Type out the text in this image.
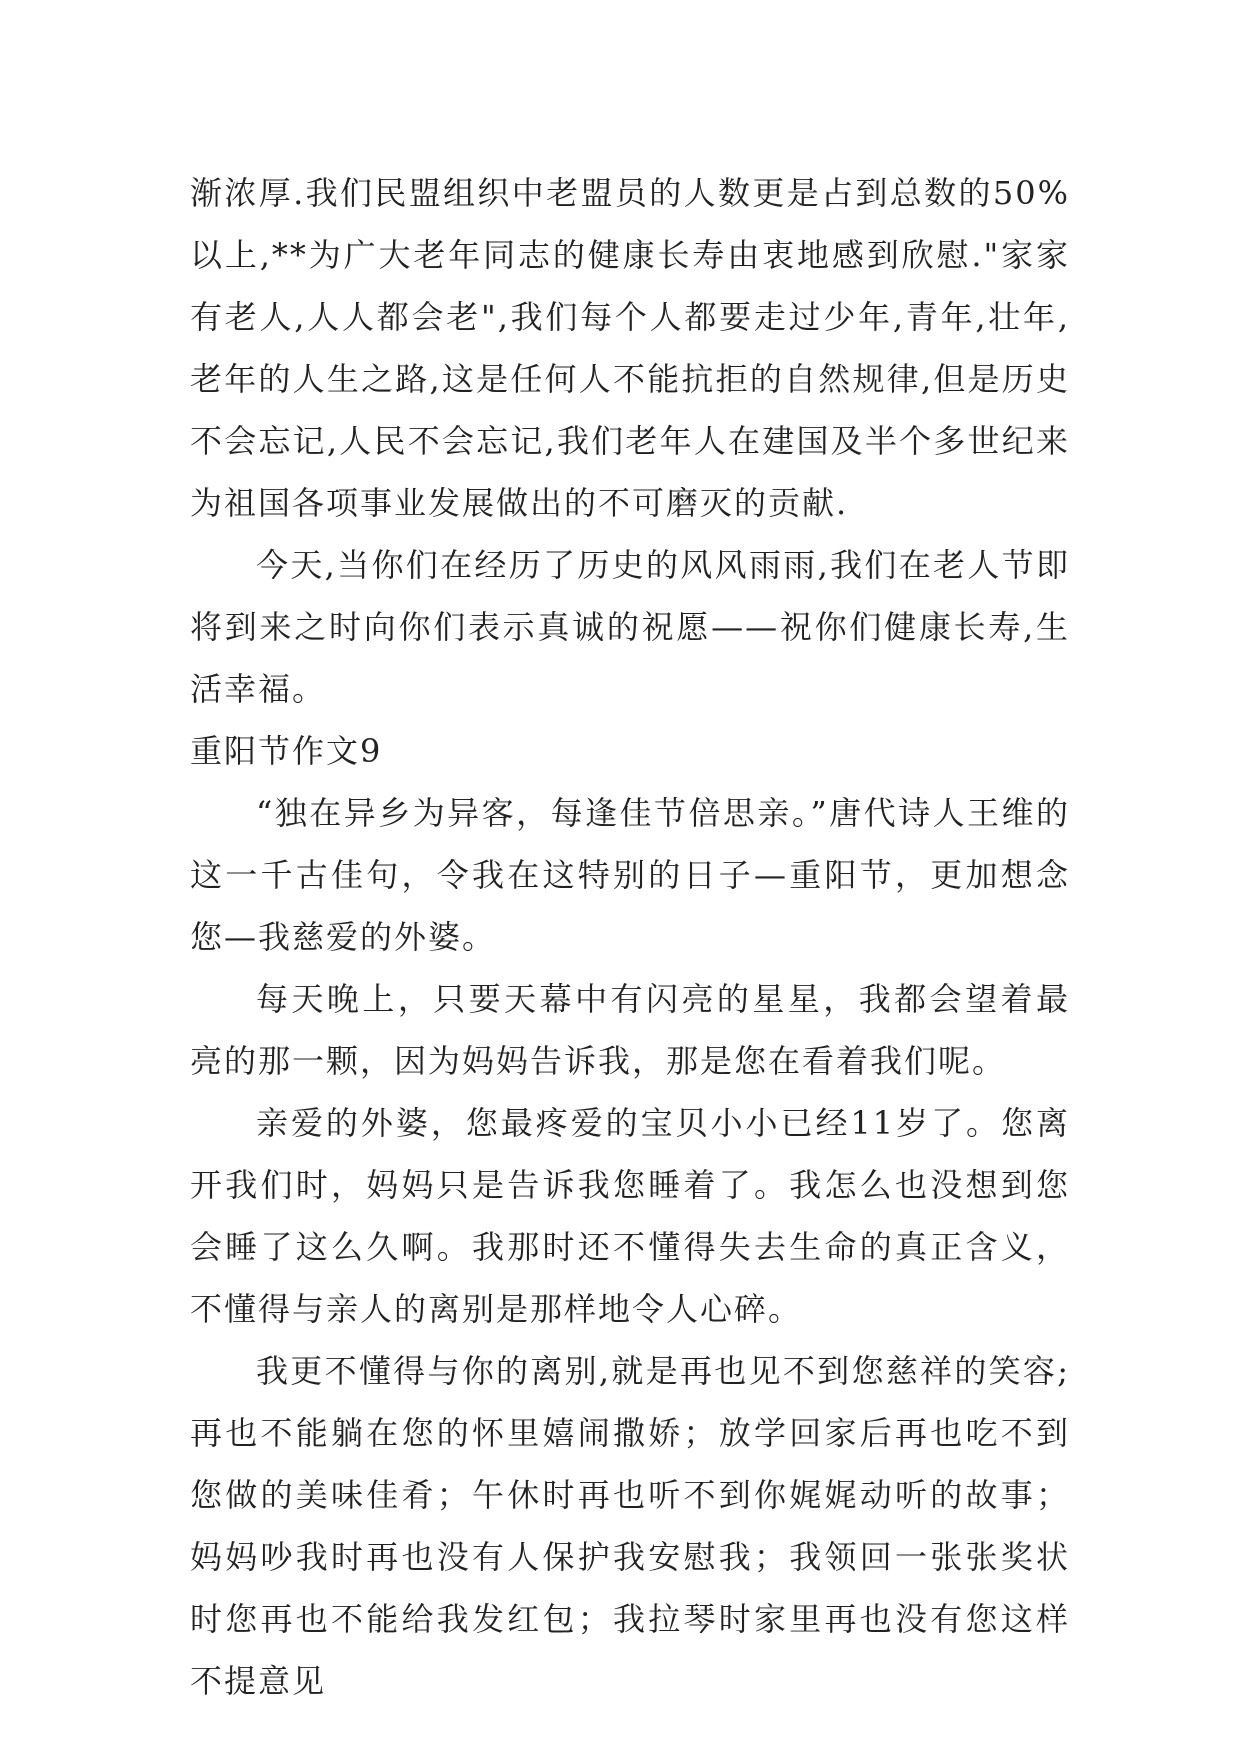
渐浓厚.我们民盟组织中老盟员的人数更是占到总数的50%以上,**为广大老年同志的健康长寿由衷地感到欣慰."家家有老人,人人都会老",我们每个人都要走过少年,青年,壮年,老年的人生之路,这是任何人不能抗拒的自然规律,但是历史不会忘记,人民不会忘记,我们老年人在建国及半个多世纪来为祖国各项事业发展做出的不可磨灭的贡献.

今天,当你们在经历了历史的风风雨雨,我们在老人节即将到来之时向你们表示真诚的祝愿——祝你们健康长寿,生活幸福。

重阳节作文9

“独在异乡为异客，每逢佳节倍思亲。”唐代诗人王维的这一千古佳句，令我在这特别的日子—重阳节，更加想念您—我慈爱的外婆。

每天晚上，只要天幕中有闪亮的星星，我都会望着最亮的那一颗，因为妈妈告诉我，那是您在看着我们呢。

亲爱的外婆，您最疼爱的宝贝小小已经11岁了。您离开我们时，妈妈只是告诉我您睡着了。我怎么也没想到您会睡了这么久啊。我那时还不懂得失去生命的真正含义，不懂得与亲人的离别是那样地令人心碎。

我更不懂得与你的离别,就是再也见不到您慈祥的笑容;再也不能躺在您的怀里嬉闹撒娇；放学回家后再也吃不到您做的美味佳肴；午休时再也听不到你娓娓动听的故事；妈妈吵我时再也没有人保护我安慰我；我领回一张张奖状时您再也不能给我发红包；我拉琴时家里再也没有您这样不提意见
